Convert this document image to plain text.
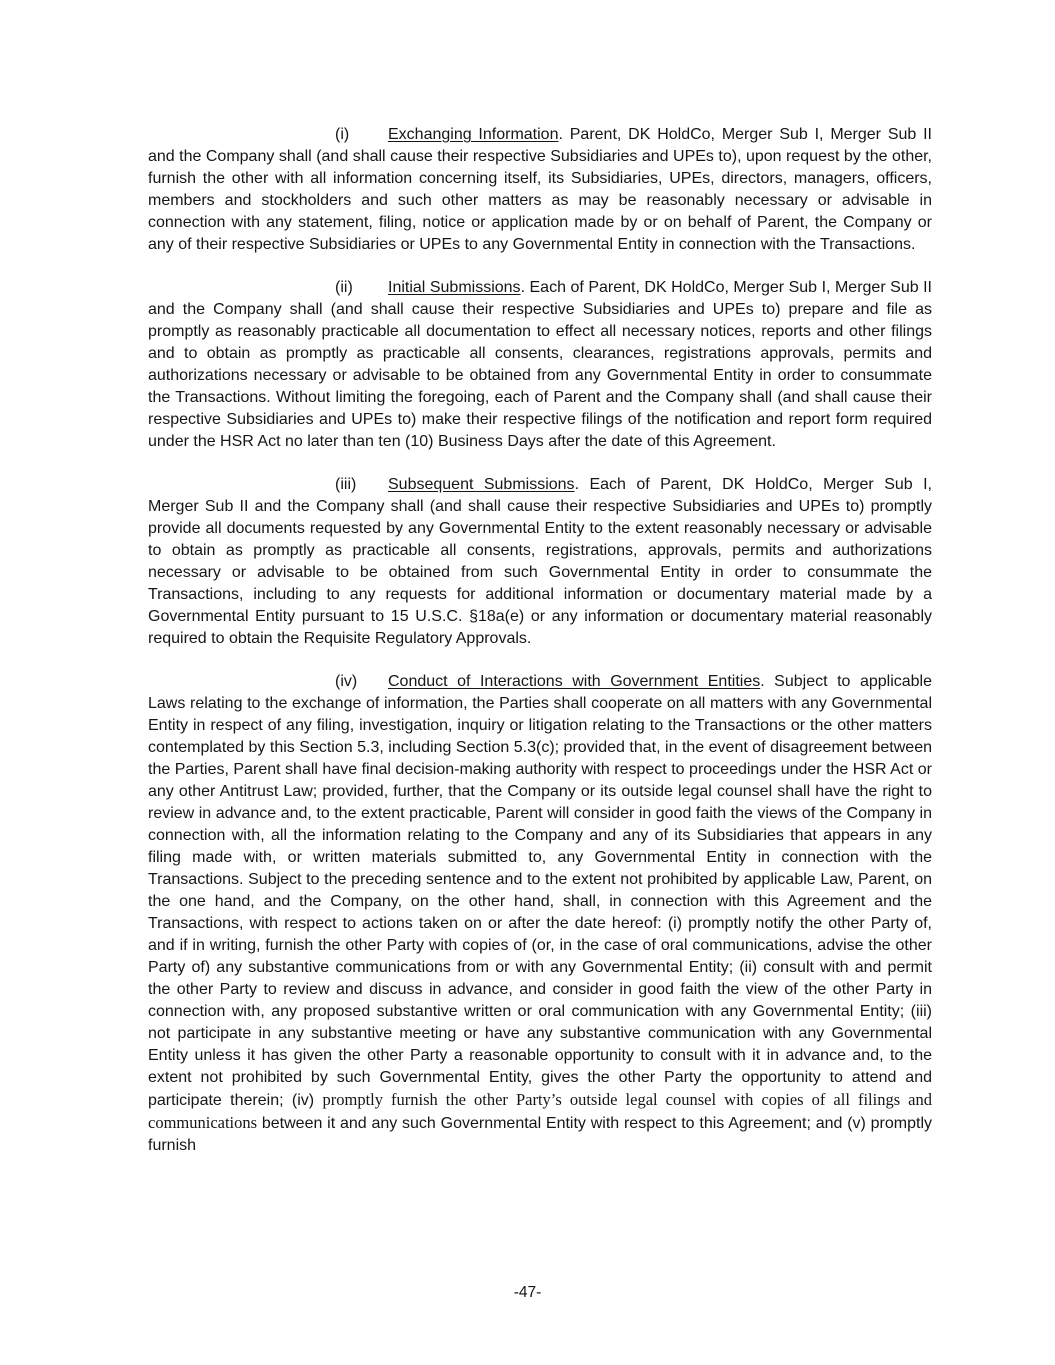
(i) Exchanging Information. Parent, DK HoldCo, Merger Sub I, Merger Sub II and the Company shall (and shall cause their respective Subsidiaries and UPEs to), upon request by the other, furnish the other with all information concerning itself, its Subsidiaries, UPEs, directors, managers, officers, members and stockholders and such other matters as may be reasonably necessary or advisable in connection with any statement, filing, notice or application made by or on behalf of Parent, the Company or any of their respective Subsidiaries or UPEs to any Governmental Entity in connection with the Transactions.

(ii) Initial Submissions. Each of Parent, DK HoldCo, Merger Sub I, Merger Sub II and the Company shall (and shall cause their respective Subsidiaries and UPEs to) prepare and file as promptly as reasonably practicable all documentation to effect all necessary notices, reports and other filings and to obtain as promptly as practicable all consents, clearances, registrations approvals, permits and authorizations necessary or advisable to be obtained from any Governmental Entity in order to consummate the Transactions. Without limiting the foregoing, each of Parent and the Company shall (and shall cause their respective Subsidiaries and UPEs to) make their respective filings of the notification and report form required under the HSR Act no later than ten (10) Business Days after the date of this Agreement.

(iii) Subsequent Submissions. Each of Parent, DK HoldCo, Merger Sub I, Merger Sub II and the Company shall (and shall cause their respective Subsidiaries and UPEs to) promptly provide all documents requested by any Governmental Entity to the extent reasonably necessary or advisable to obtain as promptly as practicable all consents, registrations, approvals, permits and authorizations necessary or advisable to be obtained from such Governmental Entity in order to consummate the Transactions, including to any requests for additional information or documentary material made by a Governmental Entity pursuant to 15 U.S.C. §18a(e) or any information or documentary material reasonably required to obtain the Requisite Regulatory Approvals.

(iv) Conduct of Interactions with Government Entities. Subject to applicable Laws relating to the exchange of information, the Parties shall cooperate on all matters with any Governmental Entity in respect of any filing, investigation, inquiry or litigation relating to the Transactions or the other matters contemplated by this Section 5.3, including Section 5.3(c); provided that, in the event of disagreement between the Parties, Parent shall have final decision-making authority with respect to proceedings under the HSR Act or any other Antitrust Law; provided, further, that the Company or its outside legal counsel shall have the right to review in advance and, to the extent practicable, Parent will consider in good faith the views of the Company in connection with, all the information relating to the Company and any of its Subsidiaries that appears in any filing made with, or written materials submitted to, any Governmental Entity in connection with the Transactions. Subject to the preceding sentence and to the extent not prohibited by applicable Law, Parent, on the one hand, and the Company, on the other hand, shall, in connection with this Agreement and the Transactions, with respect to actions taken on or after the date hereof: (i) promptly notify the other Party of, and if in writing, furnish the other Party with copies of (or, in the case of oral communications, advise the other Party of) any substantive communications from or with any Governmental Entity; (ii) consult with and permit the other Party to review and discuss in advance, and consider in good faith the view of the other Party in connection with, any proposed substantive written or oral communication with any Governmental Entity; (iii) not participate in any substantive meeting or have any substantive communication with any Governmental Entity unless it has given the other Party a reasonable opportunity to consult with it in advance and, to the extent not prohibited by such Governmental Entity, gives the other Party the opportunity to attend and participate therein; (iv) promptly furnish the other Party’s outside legal counsel with copies of all filings and communications between it and any such Governmental Entity with respect to this Agreement; and (v) promptly furnish

-47-
